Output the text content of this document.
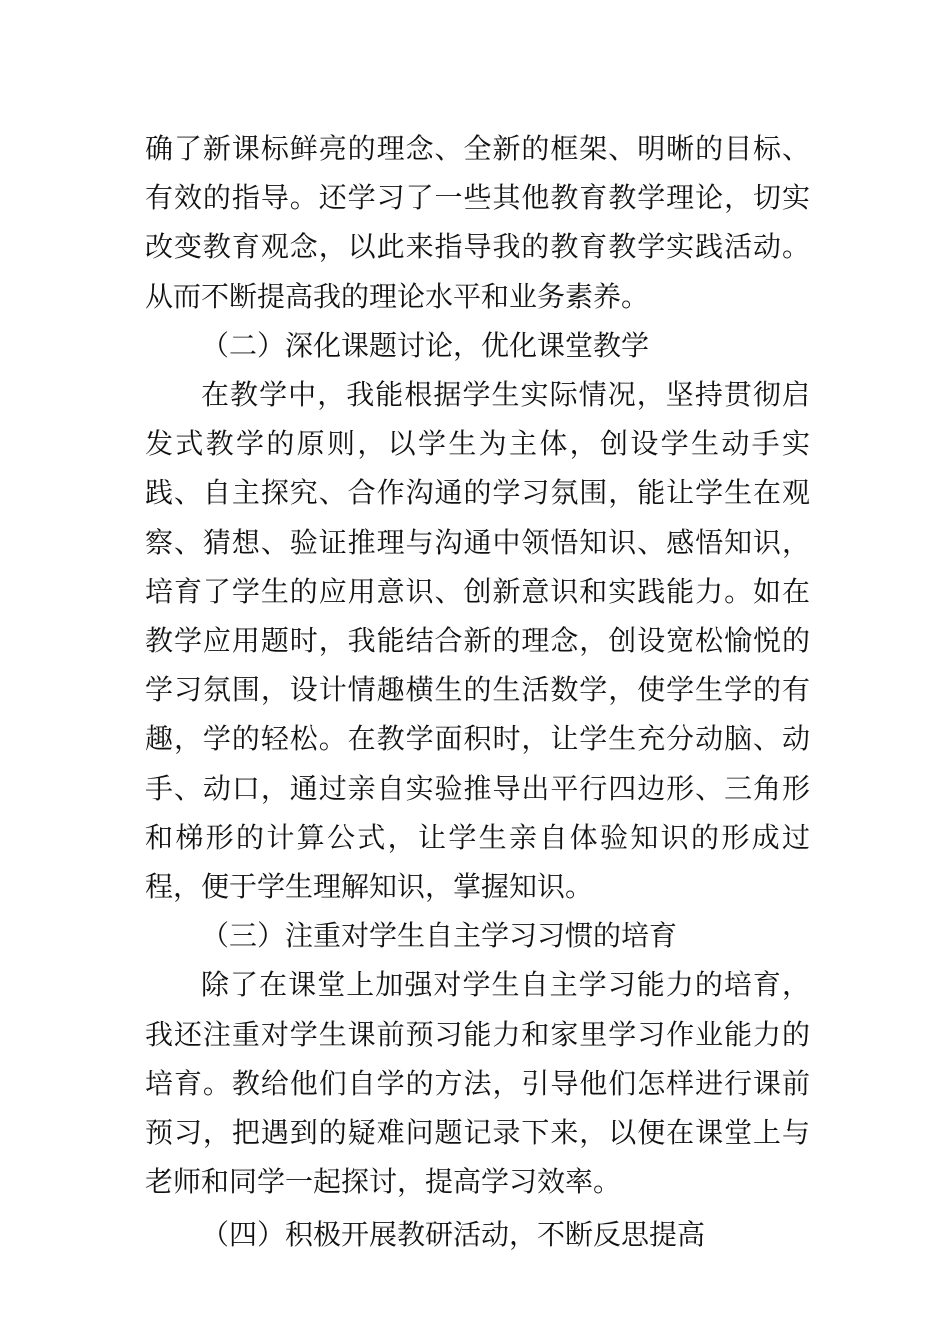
确了新课标鲜亮的理念、全新的框架、明晰的目标、有效的指导。还学习了一些其他教育教学理论，切实改变教育观念，以此来指导我的教育教学实践活动。从而不断提高我的理论水平和业务素养。

（二）深化课题讨论，优化课堂教学

在教学中，我能根据学生实际情况，坚持贯彻启发式教学的原则，以学生为主体，创设学生动手实践、自主探究、合作沟通的学习氛围，能让学生在观察、猜想、验证推理与沟通中领悟知识、感悟知识，培育了学生的应用意识、创新意识和实践能力。如在教学应用题时，我能结合新的理念，创设宽松愉悦的学习氛围，设计情趣横生的生活数学，使学生学的有趣，学的轻松。在教学面积时，让学生充分动脑、动手、动口，通过亲自实验推导出平行四边形、三角形和梯形的计算公式，让学生亲自体验知识的形成过程，便于学生理解知识，掌握知识。

（三）注重对学生自主学习习惯的培育

除了在课堂上加强对学生自主学习能力的培育，我还注重对学生课前预习能力和家里学习作业能力的培育。教给他们自学的方法，引导他们怎样进行课前预习，把遇到的疑难问题记录下来，以便在课堂上与老师和同学一起探讨，提高学习效率。

（四）积极开展教研活动，不断反思提高
